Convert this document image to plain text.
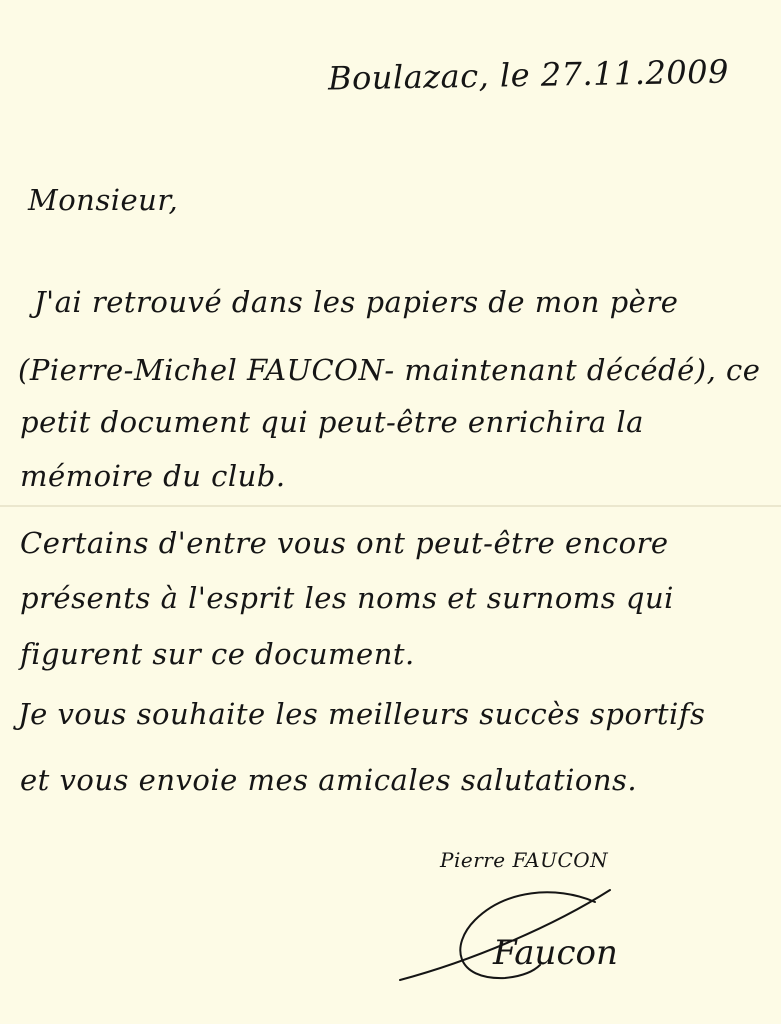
Boulazac, le 27.11.2009
Monsieur,
J'ai retrouvé dans les papiers de mon père
(Pierre-Michel FAUCON- maintenant décédé), ce
petit document qui peut-être enrichira la
mémoire du club.
Certains d'entre vous ont peut-être encore
présents à l'esprit les noms et surnoms qui
figurent sur ce document.
Je vous souhaite les meilleurs succès sportifs
et vous envoie mes amicales salutations.
Pierre FAUCON
Faucon
